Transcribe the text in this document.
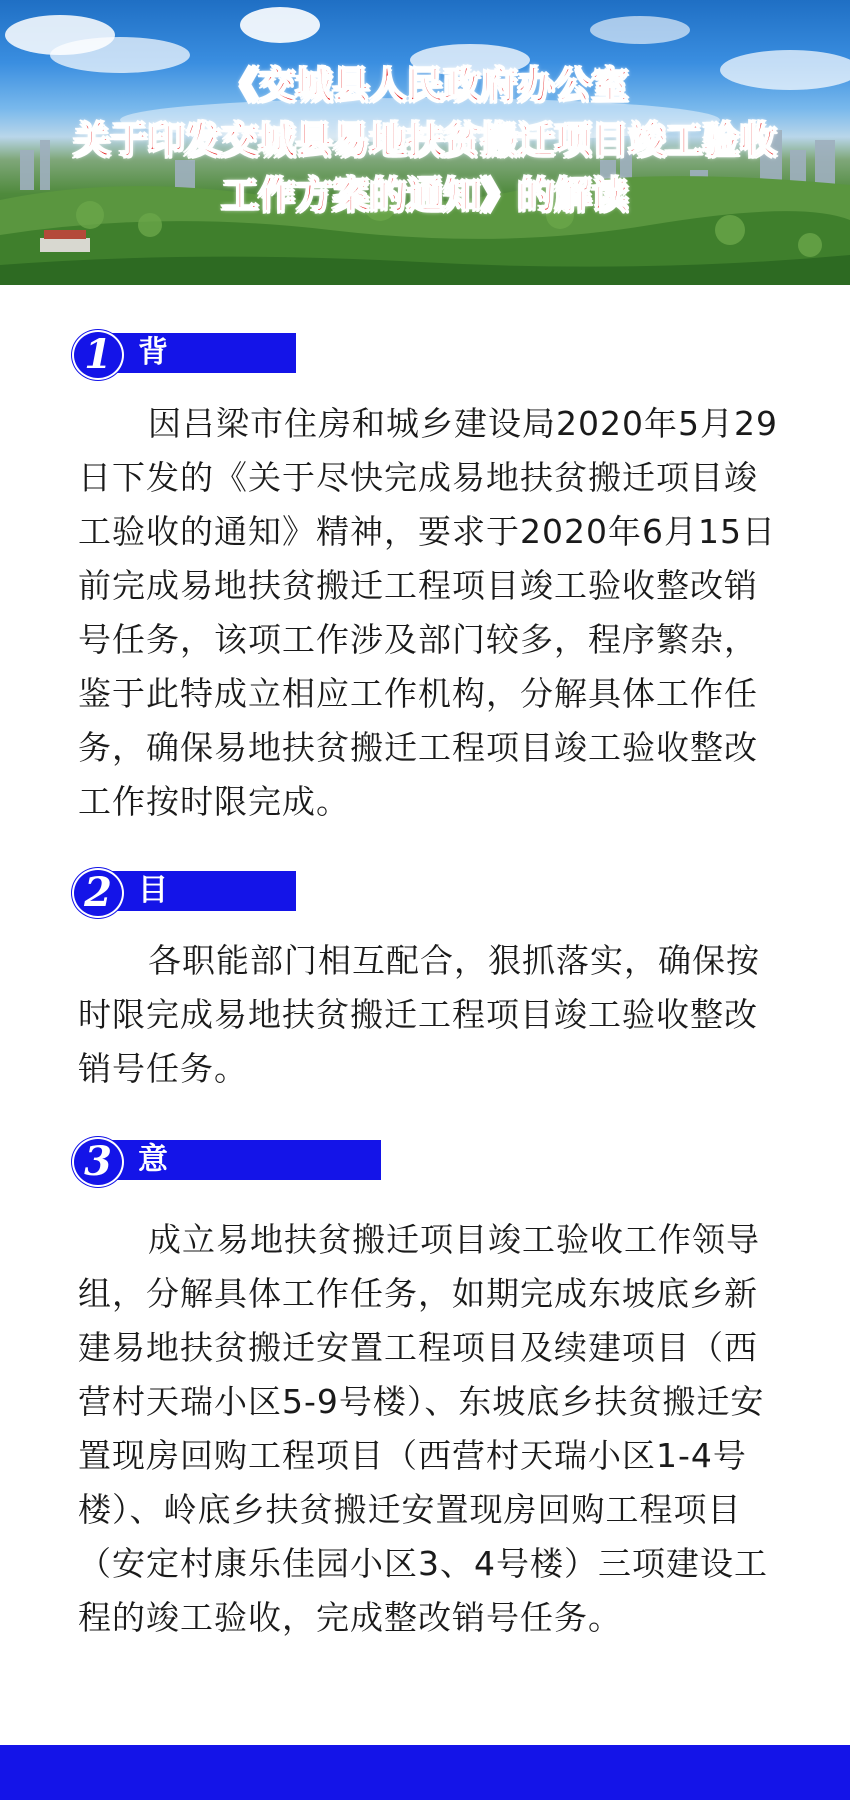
《交城县人民政府办公室
关于印发交城县易地扶贫搬迁项目竣工验收
工作方案的通知》的解读
1 背景
因吕梁市住房和城乡建设局2020年5月29日下发的《关于尽快完成易地扶贫搬迁项目竣工验收的通知》精神，要求于2020年6月15日前完成易地扶贫搬迁工程项目竣工验收整改销号任务，该项工作涉及部门较多，程序繁杂，鉴于此特成立相应工作机构，分解具体工作任务，确保易地扶贫搬迁工程项目竣工验收整改工作按时限完成。
2 目标
各职能部门相互配合，狠抓落实，确保按时限完成易地扶贫搬迁工程项目竣工验收整改销号任务。
3 意义
成立易地扶贫搬迁项目竣工验收工作领导组，分解具体工作任务，如期完成东坡底乡新建易地扶贫搬迁安置工程项目及续建项目（西营村天瑞小区5-9号楼）、东坡底乡扶贫搬迁安置现房回购工程项目（西营村天瑞小区1-4号楼）、岭底乡扶贫搬迁安置现房回购工程项目（安定村康乐佳园小区3、4号楼）三项建设工程的竣工验收，完成整改销号任务。
